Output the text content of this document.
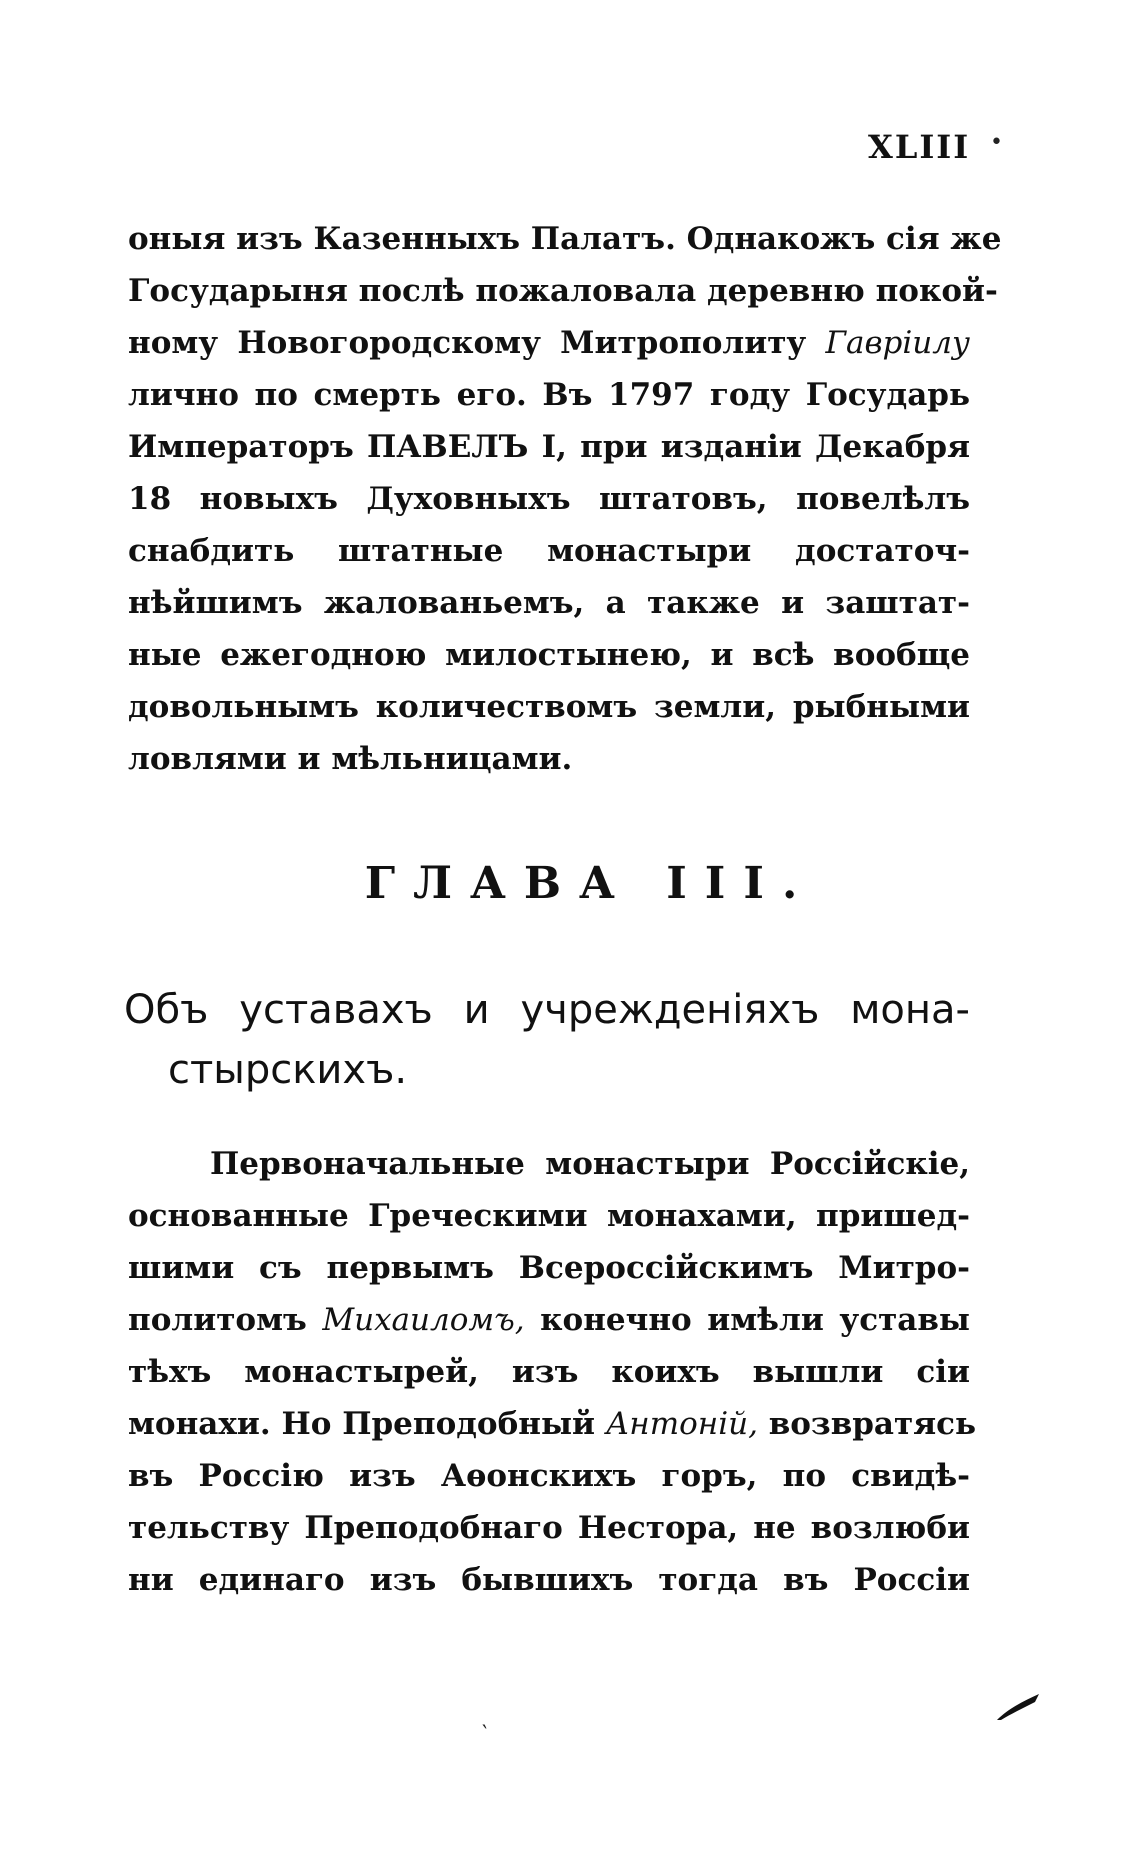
XLIII
оныя изъ Казенныхъ Палатъ. Однакожъ сія же
Государыня послѣ пожаловала деревню покой-
ному Новогородскому Митрополиту Гавріилу
лично по смерть его. Въ 1797 году Государь
Императоръ ПАВЕЛЪ I, при изданіи Декабря
18 новыхъ Духовныхъ штатовъ, повелѣлъ
снабдить штатные монастыри достаточ-
нѣйшимъ жалованьемъ, а также и заштат-
ные ежегодною милостынею, и всѣ вообще
довольнымъ количествомъ земли, рыбными
ловлями и мѣльницами.
ГЛАВА III.
Объ уставахъ и учрежденіяхъ мона-
стырскихъ.
Первоначальные монастыри Россійскіе,
основанные Греческими монахами, пришед-
шими съ первымъ Всероссійскимъ Митро-
политомъ Михаиломъ, конечно имѣли уставы
тѣхъ монастырей, изъ коихъ вышли сіи
монахи. Но Преподобный Антоній, возвратясь
въ Россію изъ Аѳонскихъ горъ, по свидѣ-
тельству Преподобнаго Нестора, не возлюби
ни единаго изъ бывшихъ тогда въ Россіи
‵
•
